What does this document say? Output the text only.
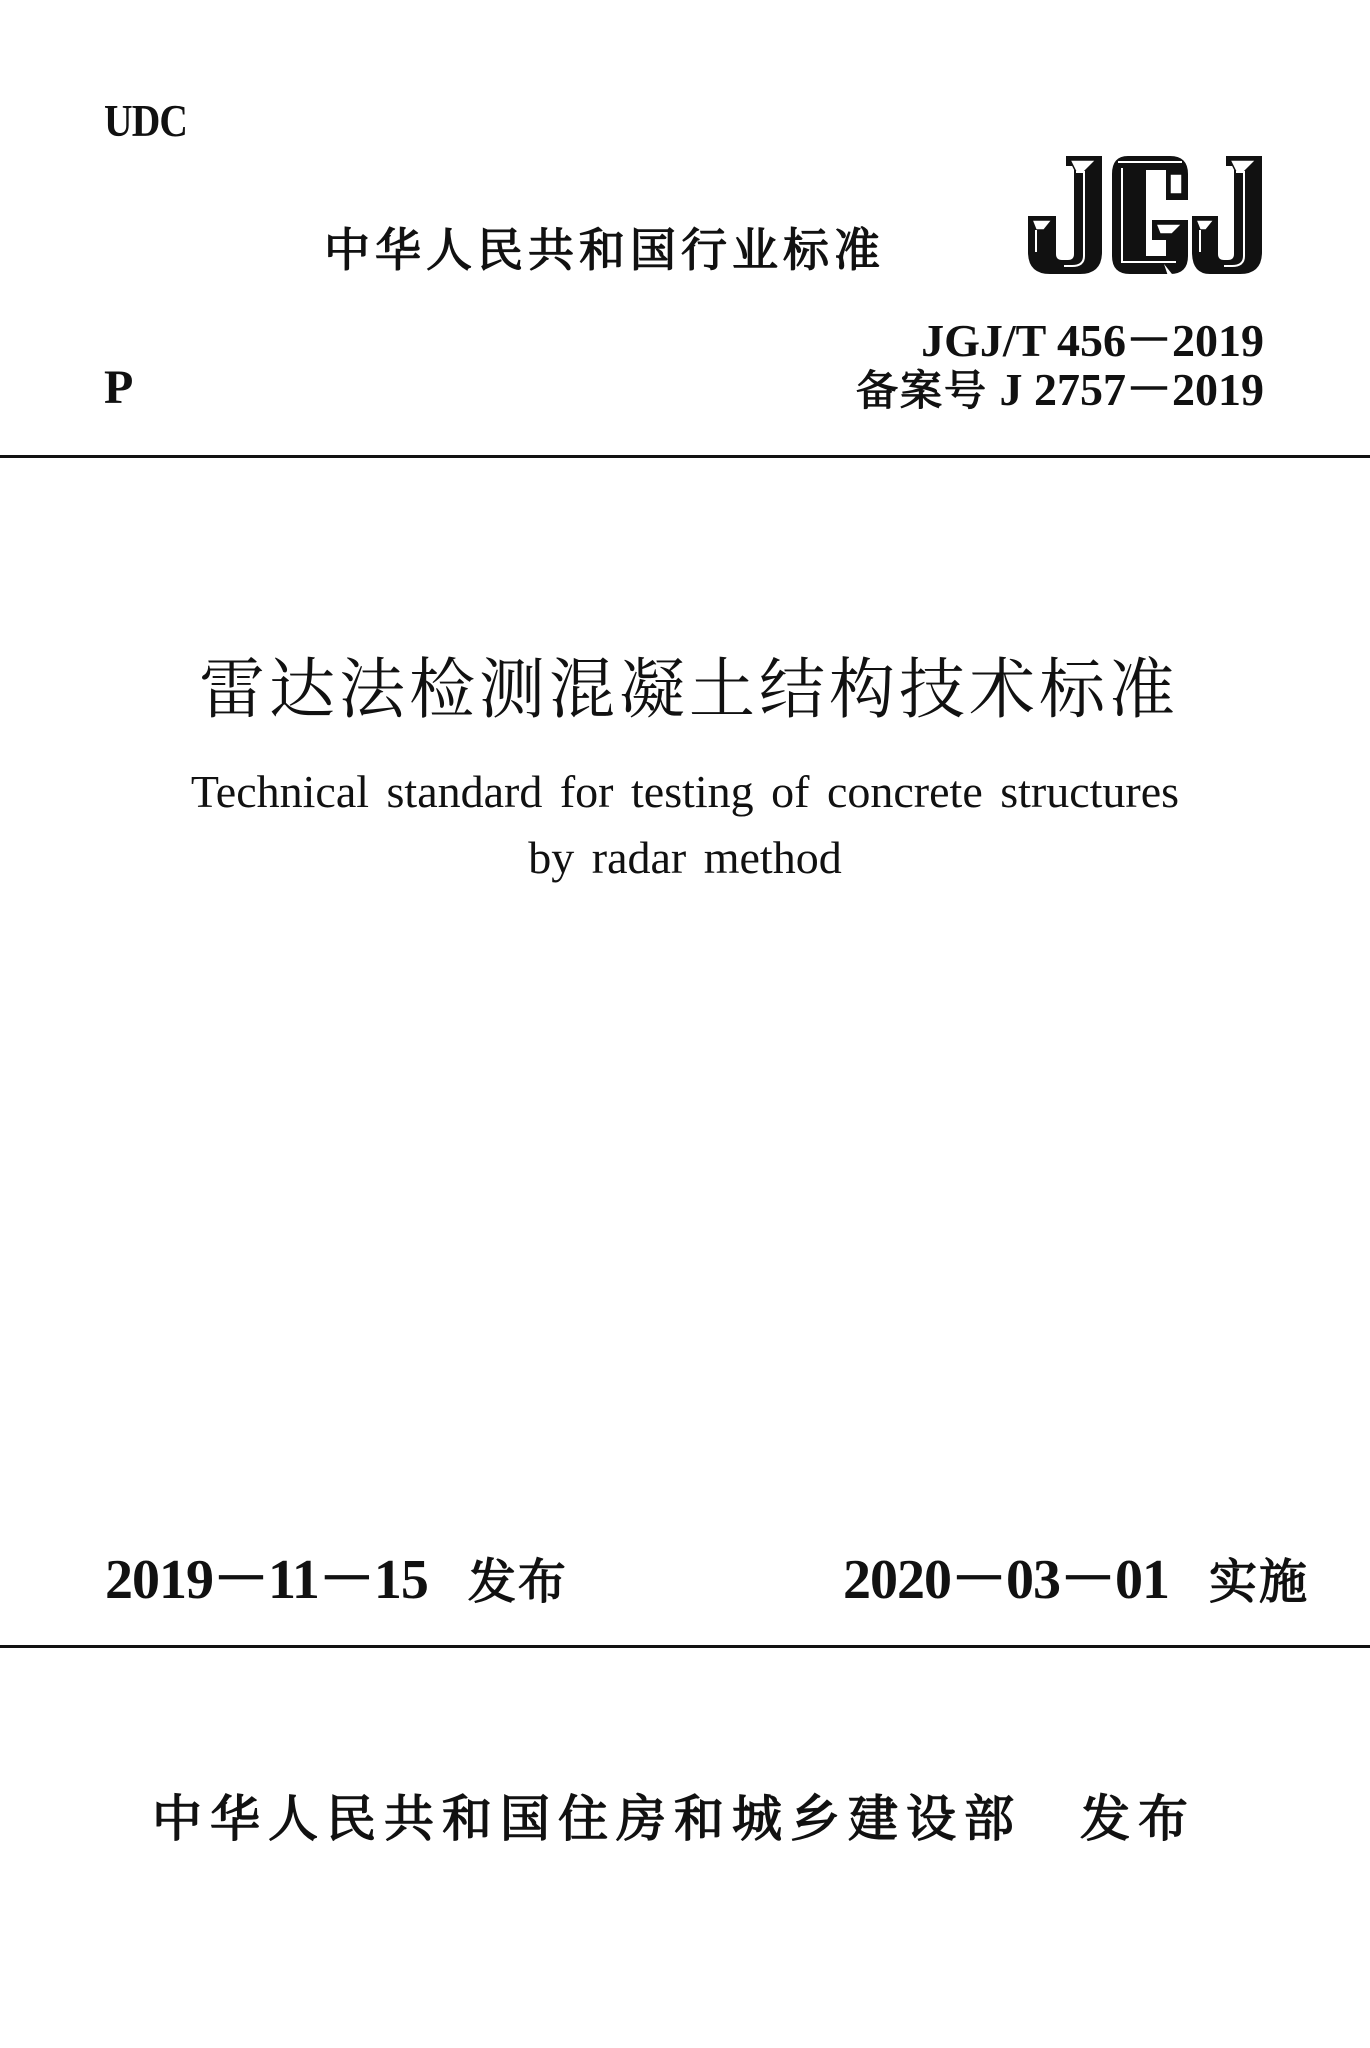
UDC
P
中华人民共和国行业标准
JGJ/T 456－2019
备案号 J 2757－2019
雷达法检测混凝土结构技术标准
Technical standard for testing of concrete structures
by radar method
2019－11－15 发布	2020－03－01 实施
中华人民共和国住房和城乡建设部 发布
